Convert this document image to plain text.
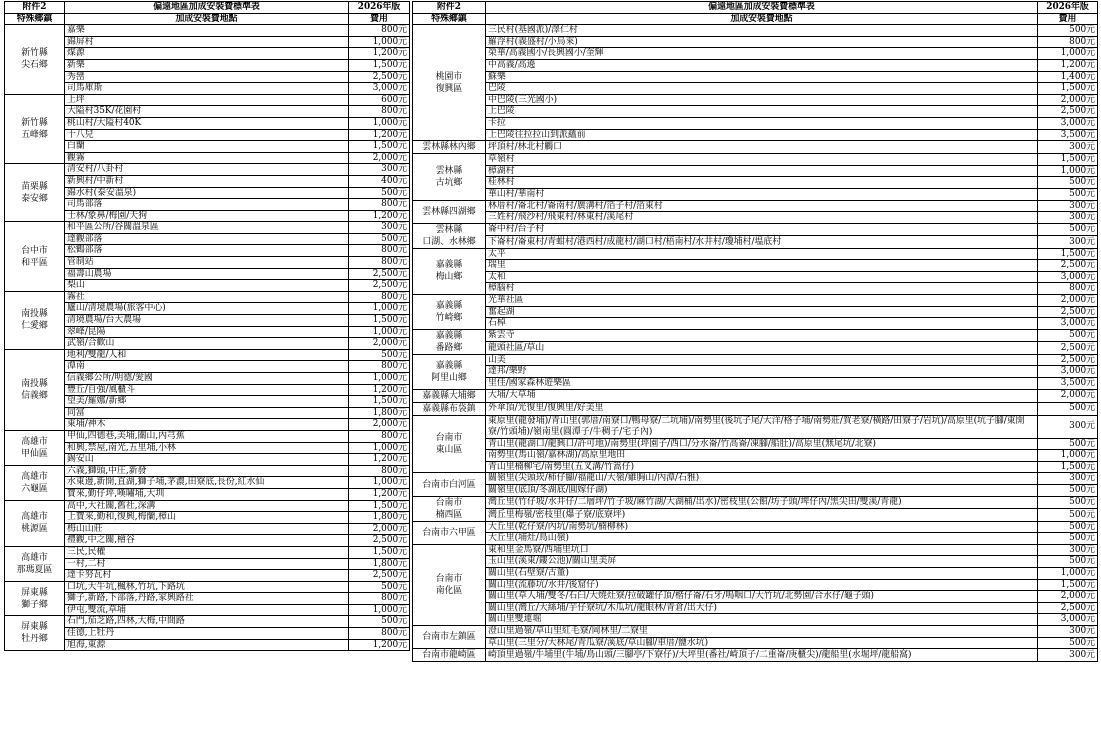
附件2	偏遠地區加成安裝費標準表	2026年版
特殊鄉鎮	加成安裝費地點	費用
新竹縣
尖石鄉	嘉樂	800元
	錦屏村	1,000元
	煤源	1,200元
	新樂	1,500元
	秀巒	2,500元
	司馬庫斯	3,000元
新竹縣
五峰鄉	上坪	600元
	大隘村35K/花園村	800元
	桃山村/大隘村40K	1,000元
	十八兒	1,200元
	白蘭	1,500元
	觀霧	2,000元
苗栗縣
泰安鄉	清安村/八卦村	300元
	新興村/中新村	400元
	錦水村(泰安溫泉)	500元
	司馬部落	800元
	士林/象鼻/梅園/天狗	1,200元
台中市
和平區	和平區公所/谷關溫泉區	300元
	達觀部落	500元
	松鶴部落	800元
	管制站	800元
	福壽山農場	2,500元
	梨山	2,500元
南投縣
仁愛鄉	霧社	800元
	廬山/清境農場(旅客中心)	1,000元
	清境農場/台大農場	1,500元
	翠峰/昆陽	1,000元
	武嶺/合歡山	2,000元
南投縣
信義鄉	地利/雙龍/人和	500元
	潭南	800元
	信義鄉公所/明德/愛國	1,000元
	豐丘/自強/風櫃斗	1,200元
	望美/羅娜/新鄉	1,500元
	同富	1,800元
	東埔/神木	2,000元
高雄市
甲仙區	甲仙,四德巷,美埔,關山,內芎蕉	800元
	和興,禁屋,南光,五里埔,小林	1,000元
	錫安山	1,200元
高雄市
六龜區	六義,獅頭,中庄,新發	800元
	水東邊,新開,直湖,獅子埔,茅濃,田寮底,長份,紅水仙	1,000元
	寶來,勤仔坪,嘆嘯埔,大圳	1,200元
高雄市
桃源區	高中,大社關,舊社,深溝	1,500元
	上寶來,勤和,復興,梅蘭,樟山	1,800元
	梅山山莊	2,000元
	禮觀,中之關,檜谷	2,500元
高雄市
那瑪夏區	三民,民權	1,500元
	一村,二村	1,800元
	達卡努瓦村	2,500元
屏東縣
獅子鄉	口坑,大牛坑,楓林,竹坑,下路坑	500元
	獅子,新路,下部落,丹路,家興路社	800元
	伊屯,雙流,草埔	1,000元
屏東縣
牡丹鄉	石門,茄芝路,四林,大梅,中間路	500元
	佳德,上牡丹	800元
	旭海,東源	1,200元
附件2	偏遠地區加成安裝費標準表	2026年版
特殊鄉鎮	加成安裝費地點	費用
桃園市
復興區	三民村(基國派)/澤仁村	500元
	羅浮村(義盛村/小烏來)	800元
	榮華/高義國小/長興國小/奎輝	1,000元
	中高義/高遶	1,200元
	蘇樂	1,400元
	巴陵	1,500元
	中巴陵(三光國小)	2,000元
	上巴陵	2,500元
	卡拉	3,000元
	上巴陵往拉拉山到派蘊前	3,500元
雲林縣林內鄉	坪頂村/林北村觸口	300元
雲林縣
古坑鄉	草嶺村	1,500元
	樟湖村	1,000元
	桂林村	500元
	華山村/華南村	500元
雲林縣四湖鄉	林厝村/崙北村/崙南村/廣溝村/箔子村/箔東村	300元
	三姓村/飛沙村/飛東村/林東村/溪尾村	300元
雲林縣
口湖、水林鄉	崙中村/台子村	500元
	下崙村/崙東村/青蚶村/港西村/成龍村/湖口村/梧南村/水井村/瓊埔村/塭底村	300元
嘉義縣
梅山鄉	太平	1,500元
	瑞里	2,500元
	太和	3,000元
	樟腦村	800元
嘉義縣
竹崎鄉	光華社區	2,000元
	奮起湖	2,500元
	石棹	3,000元
嘉義縣
番路鄉	紫雲寺	500元
	龍頭社區/草山	2,500元
嘉義縣
阿里山鄉	山美	2,500元
	達邦/樂野	3,000元
	里佳/國家森林遊樂區	3,500元
嘉義縣大埔鄉	大埔/大草埔	2,000元
嘉義縣布袋鎮	外傘頂/光復里/復興里/好美里	500元
台南市
東山區	東原里(龍發埔)/青山里(郭厝/南寮口/鴨母寮/二坑埔)/南勢里(後坑子尾/大洋/格子埔/南勢莊/賀老寮/橫路/田寮子/岩坑)/高原里(坑子腳/東開寮/竹頭埔)/嶺南里(圓潭子/牛稠子/宅子內)	300元
	青山里(龍湖口/龍興口/許可地)/南勢里(坪園子/西口/分水崙/竹高崙/凍腳/船肚)/高原里(無尾坑/北寮)	500元
	南勢里(馬山嶺/嘉林湖)/高原里地田	1,000元
	青山里楠柳宅/南勢里(五叉溝/竹篙仔)	1,500元
台南市白河區	關嶺里(尖頭崁/柿仔腳/福龍山/大嶺/雞胸山/內潭/石雅)	300元
	關嶺里(底頂/冬湖底/圓嫁仔湖)	500元
台南市
楠西區	灣丘里(竹仔坡/水井仔/二層坪/竹子坡/麻竹湖/大湖桶/出水)/密枝里(公館/坊子頭/埤仔內/黑尖田/雙溪/青龍)	500元
	灣丘里梅嶺/密枝里(爆子寮/底寮坪)	500元
台南市六甲區	大丘里(乾仔寮/內坑/南勢坑/楠柳林)	500元
	大丘里(埔灶/鳥山嶺)	500元
台南市
南化區	東和里金馬寮/西埔里坑口	300元
	玉山里(溪東/鏤公池)/關山里美屏	500元
	關山里(石壁寮/古董)	1,000元
	關山里(流藤坑/水井/後窟仔)	1,500元
	關山里(草人埔/雙冬/石臼/大燒灶寮/拉破罐仔頂/楷仔崙/石牙/嗚咽口/大竹坑/北勢園/合水仔/龜子頭)	2,000元
	關山里(灣丘/大絲埔/芋仔寮坑/木瓜坑/龍眼林/青倉/出大仔)	2,500元
	關山里雙連堀	3,000元
台南市左鎮區	澄山里過嶺/草山里紅毛寮/岡林里/二寮里	300元
	草山里(三里分/大林尾/青瓜寮/溪底/草山腳/車厝/鹽水坑)	500元
台南市龍崎區	崎頂里過嶺/牛埔里(牛埔/鳥山頭/三腳亭/下寮仔)/大坪里(番社/崎頂子/二重崙/庚櫃尖)/龍船里(水堀坪/龍船窩)	300元
